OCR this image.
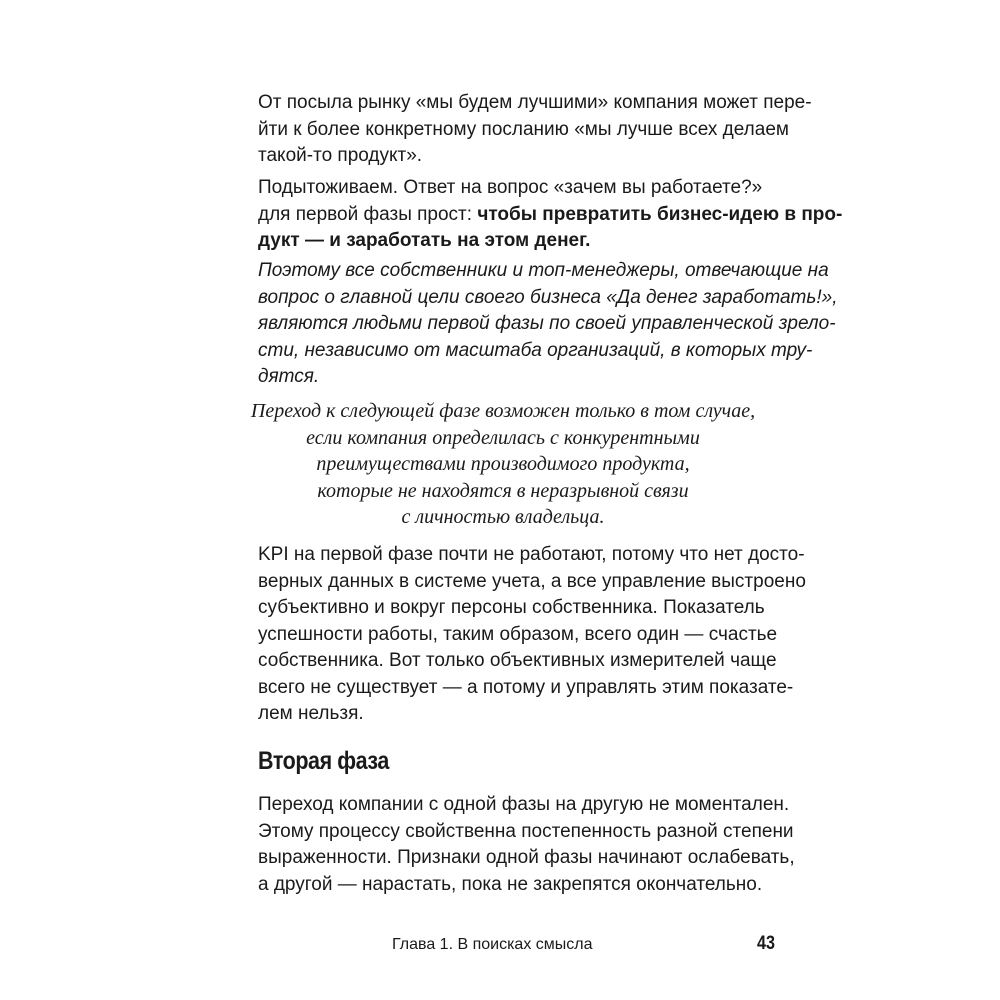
От посыла рынку «мы будем лучшими» компания может пере-
йти к более конкретному посланию «мы лучше всех делаем
такой-то продукт».

Подытоживаем. Ответ на вопрос «зачем вы работаете?»
для первой фазы прост: чтобы превратить бизнес-идею в про-
дукт — и заработать на этом денег.

Поэтому все собственники и топ-менеджеры, отвечающие на
вопрос о главной цели своего бизнеса «Да денег заработать!»,
являются людьми первой фазы по своей управленческой зрело-
сти, независимо от масштаба организаций, в которых тру-
дятся.

Переход к следующей фазе возможен только в том случае,
если компания определилась с конкурентными
преимуществами производимого продукта,
которые не находятся в неразрывной связи
с личностью владельца.

KPI на первой фазе почти не работают, потому что нет досто-
верных данных в системе учета, а все управление выстроено
субъективно и вокруг персоны собственника. Показатель
успешности работы, таким образом, всего один — счастье
собственника. Вот только объективных измерителей чаще
всего не существует — а потому и управлять этим показате-
лем нельзя.

Вторая фаза

Переход компании с одной фазы на другую не моментален.
Этому процессу свойственна постепенность разной степени
выраженности. Признаки одной фазы начинают ослабевать,
а другой — нарастать, пока не закрепятся окончательно.

Глава 1. В поисках смысла	43
